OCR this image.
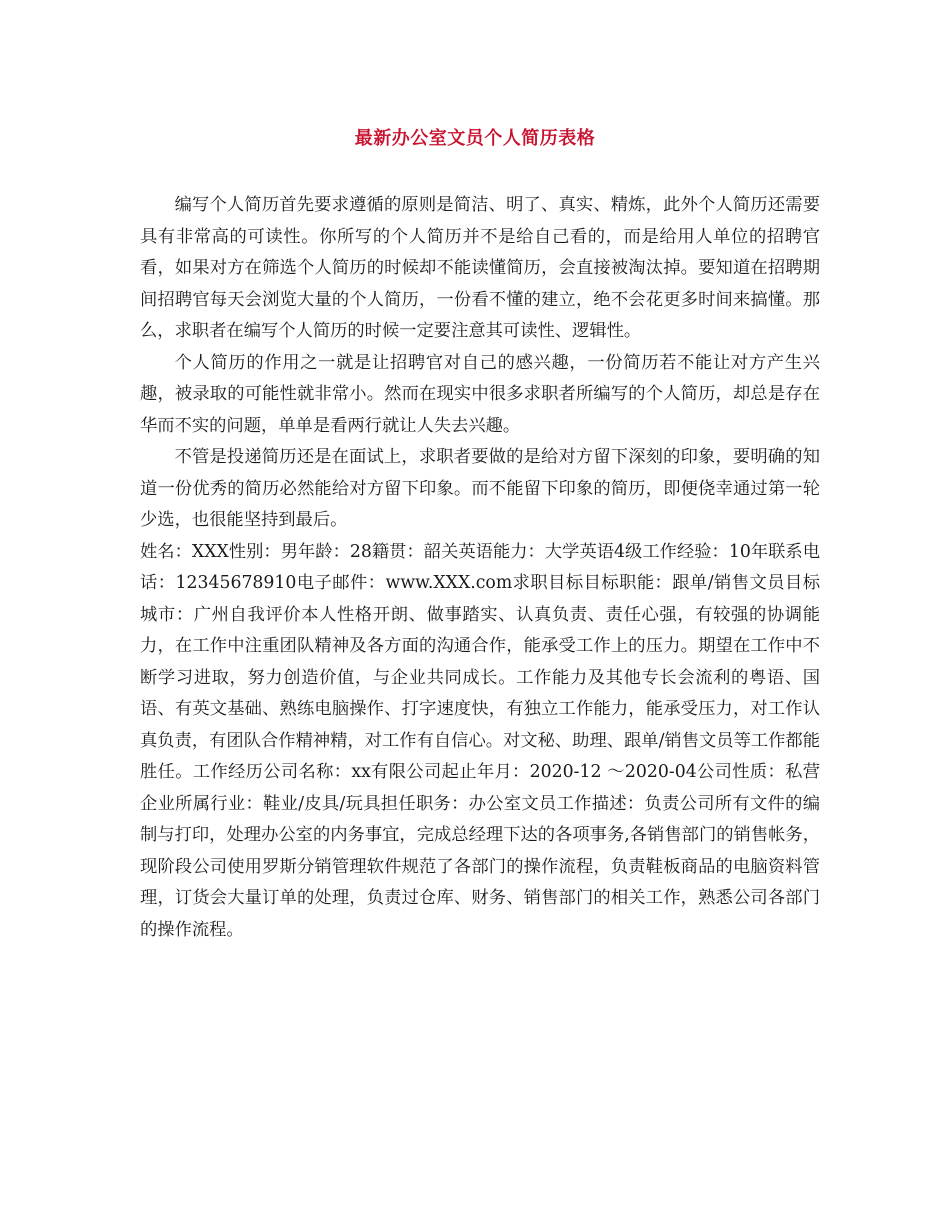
最新办公室文员个人简历表格

编写个人简历首先要求遵循的原则是简洁、明了、真实、精炼，此外个人简历还需要具有非常高的可读性。你所写的个人简历并不是给自己看的，而是给用人单位的招聘官看，如果对方在筛选个人简历的时候却不能读懂简历，会直接被淘汰掉。要知道在招聘期间招聘官每天会浏览大量的个人简历，一份看不懂的建立，绝不会花更多时间来搞懂。那么，求职者在编写个人简历的时候一定要注意其可读性、逻辑性。

个人简历的作用之一就是让招聘官对自己的感兴趣，一份简历若不能让对方产生兴趣，被录取的可能性就非常小。然而在现实中很多求职者所编写的个人简历，却总是存在华而不实的问题，单单是看两行就让人失去兴趣。

不管是投递简历还是在面试上，求职者要做的是给对方留下深刻的印象，要明确的知道一份优秀的简历必然能给对方留下印象。而不能留下印象的简历，即便侥幸通过第一轮少选，也很能坚持到最后。

姓名：XXX性别：男年龄：28籍贯：韶关英语能力：大学英语4级工作经验：10年联系电话：12345678910电子邮件：www.XXX.com求职目标目标职能：跟单/销售文员目标城市：广州自我评价本人性格开朗、做事踏实、认真负责、责任心强，有较强的协调能力，在工作中注重团队精神及各方面的沟通合作，能承受工作上的压力。期望在工作中不断学习进取，努力创造价值，与企业共同成长。工作能力及其他专长会流利的粤语、国语、有英文基础、熟练电脑操作、打字速度快，有独立工作能力，能承受压力，对工作认真负责，有团队合作精神精，对工作有自信心。对文秘、助理、跟单/销售文员等工作都能胜任。工作经历公司名称：xx有限公司起止年月：2020-12 ～2020-04公司性质：私营企业所属行业：鞋业/皮具/玩具担任职务：办公室文员工作描述：负责公司所有文件的编制与打印，处理办公室的内务事宜，完成总经理下达的各项事务,各销售部门的销售帐务，现阶段公司使用罗斯分销管理软件规范了各部门的操作流程，负责鞋板商品的电脑资料管理，订货会大量订单的处理，负责过仓库、财务、销售部门的相关工作，熟悉公司各部门的操作流程。
